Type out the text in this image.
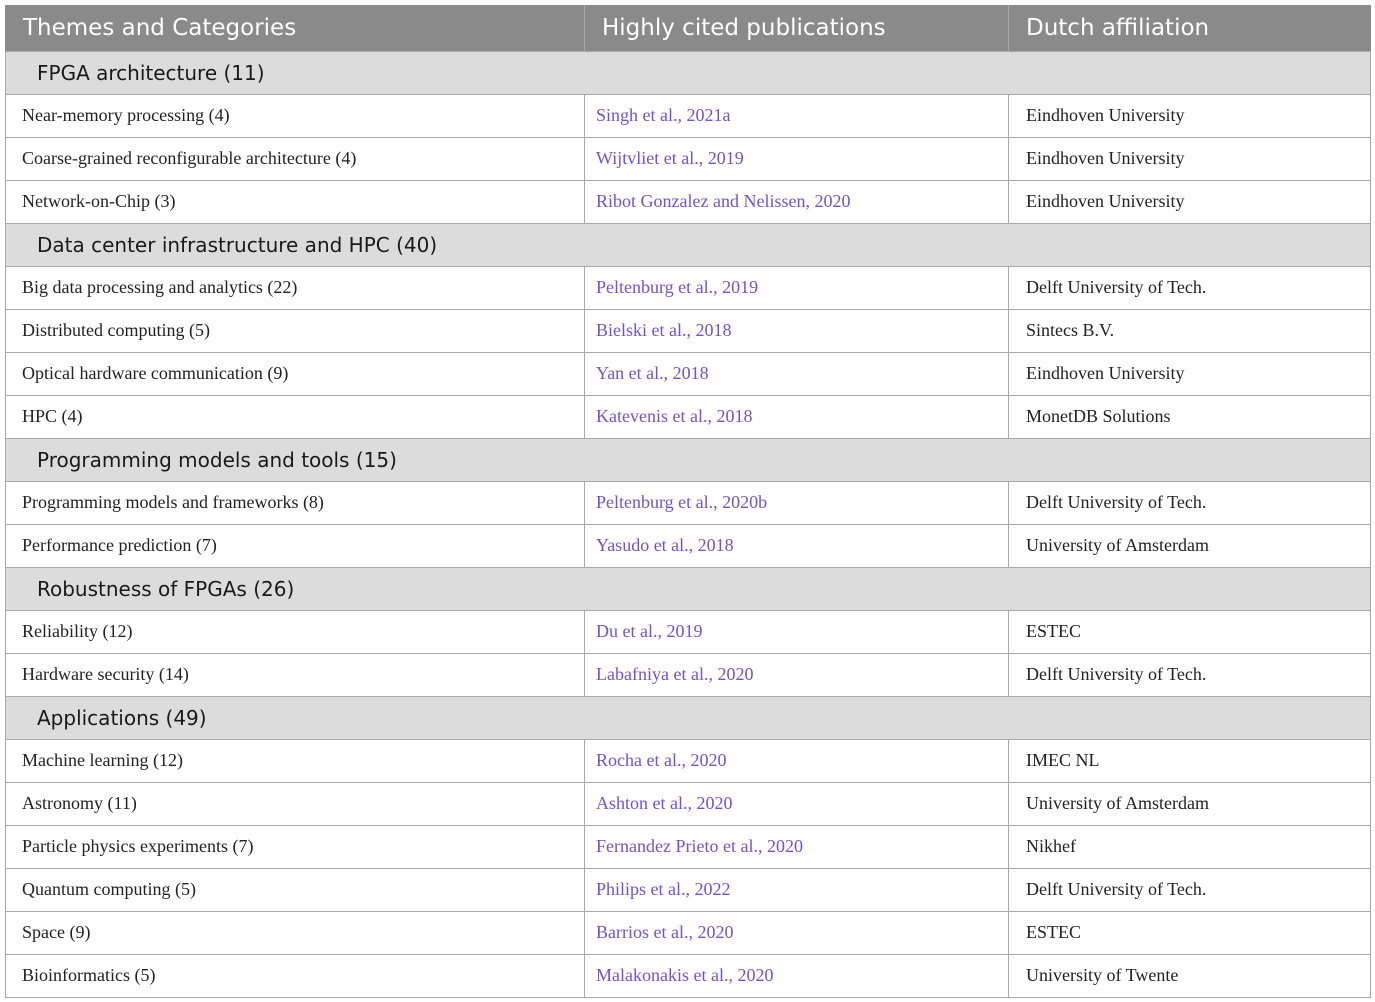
Themes and Categories	Highly cited publications	Dutch affiliation
FPGA architecture (11)		
Near-memory processing (4)	Singh et al., 2021a	Eindhoven University
Coarse-grained reconfigurable architecture (4)	Wijtvliet et al., 2019	Eindhoven University
Network-on-Chip (3)	Ribot Gonzalez and Nelissen, 2020	Eindhoven University
Data center infrastructure and HPC (40)		
Big data processing and analytics (22)	Peltenburg et al., 2019	Delft University of Tech.
Distributed computing (5)	Bielski et al., 2018	Sintecs B.V.
Optical hardware communication (9)	Yan et al., 2018	Eindhoven University
HPC (4)	Katevenis et al., 2018	MonetDB Solutions
Programming models and tools (15)		
Programming models and frameworks (8)	Peltenburg et al., 2020b	Delft University of Tech.
Performance prediction (7)	Yasudo et al., 2018	University of Amsterdam
Robustness of FPGAs (26)		
Reliability (12)	Du et al., 2019	ESTEC
Hardware security (14)	Labafniya et al., 2020	Delft University of Tech.
Applications (49)		
Machine learning (12)	Rocha et al., 2020	IMEC NL
Astronomy (11)	Ashton et al., 2020	University of Amsterdam
Particle physics experiments (7)	Fernandez Prieto et al., 2020	Nikhef
Quantum computing (5)	Philips et al., 2022	Delft University of Tech.
Space (9)	Barrios et al., 2020	ESTEC
Bioinformatics (5)	Malakonakis et al., 2020	University of Twente
